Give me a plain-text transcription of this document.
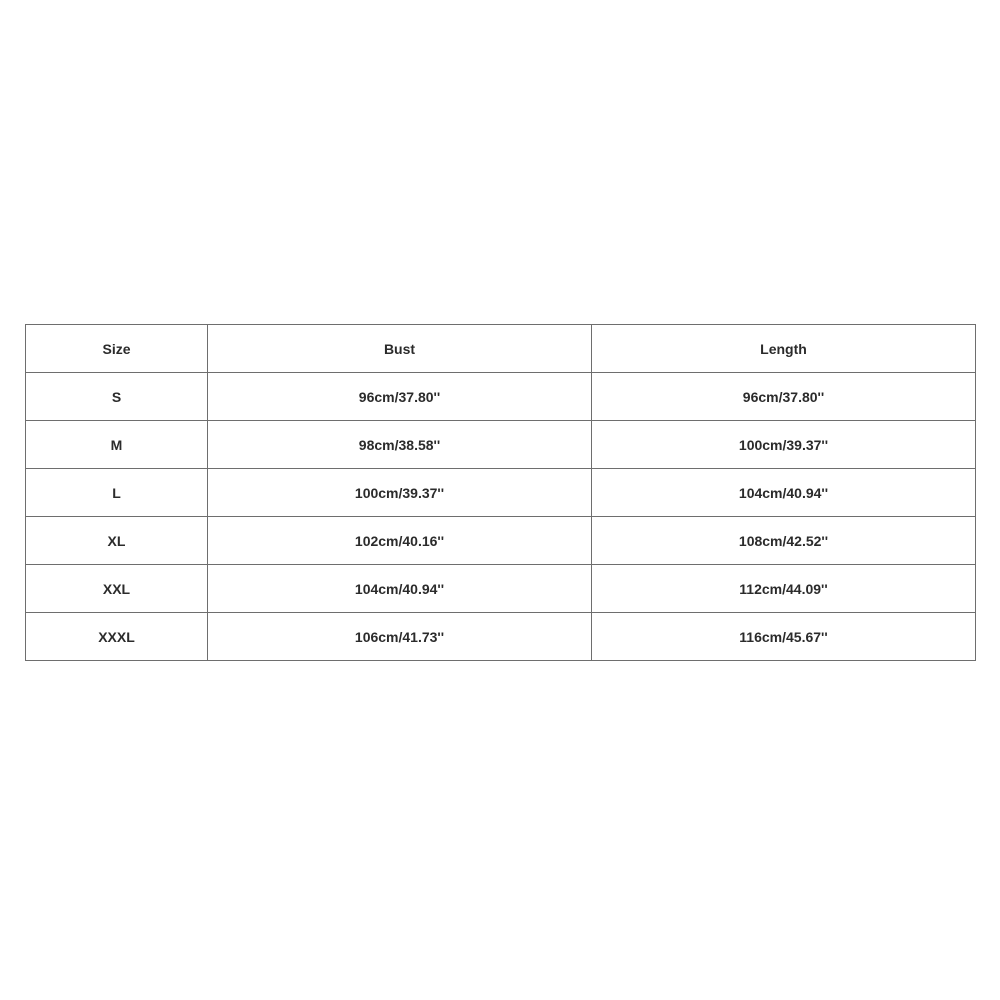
Size	Bust	Length
S	96cm/37.80''	96cm/37.80''
M	98cm/38.58''	100cm/39.37''
L	100cm/39.37''	104cm/40.94''
XL	102cm/40.16''	108cm/42.52''
XXL	104cm/40.94''	112cm/44.09''
XXXL	106cm/41.73''	116cm/45.67''
